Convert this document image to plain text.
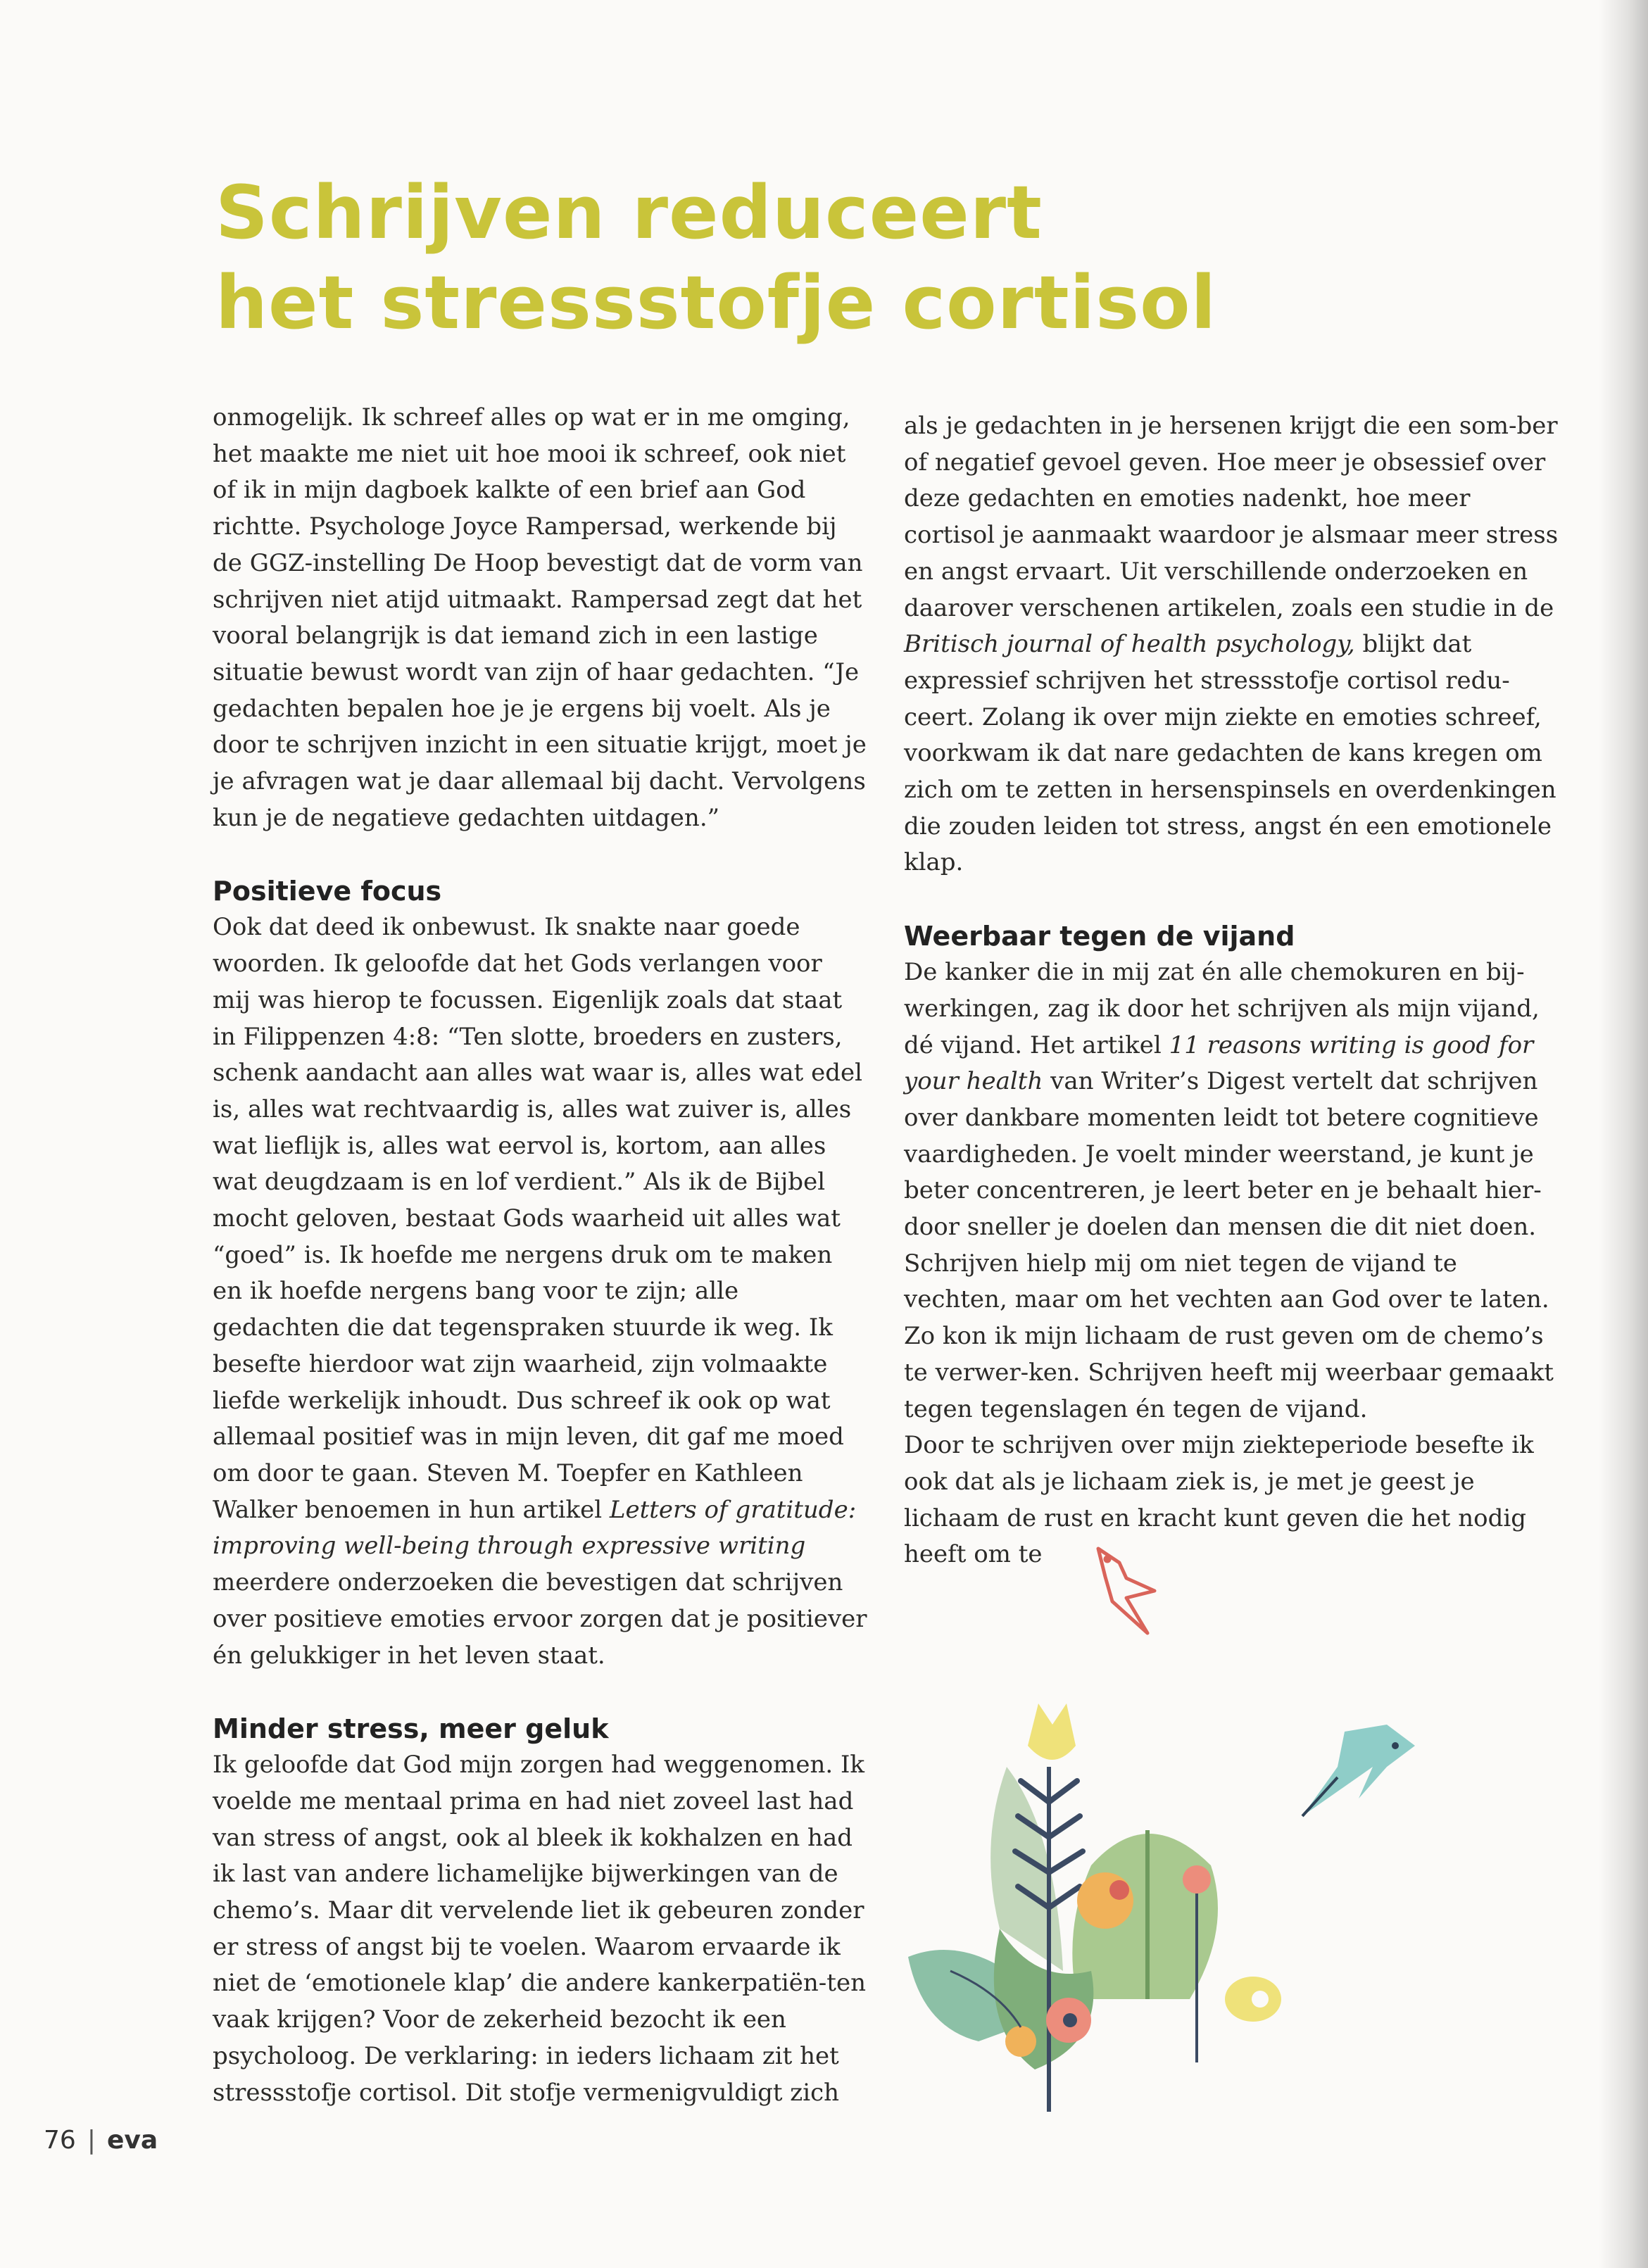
Schrijven reduceert
het stressstofje cortisol

onmogelijk. Ik schreef alles op wat er in me omging, het maakte me niet uit hoe mooi ik schreef, ook niet of ik in mijn dagboek kalkte of een brief aan God richtte. Psychologe Joyce Rampersad, werkende bij de GGZ-instelling De Hoop bevestigt dat de vorm van schrijven niet atijd uitmaakt. Rampersad zegt dat het vooral belangrijk is dat iemand zich in een lastige situatie bewust wordt van zijn of haar gedachten. “Je gedachten bepalen hoe je je ergens bij voelt. Als je door te schrijven inzicht in een situatie krijgt, moet je je afvragen wat je daar allemaal bij dacht. Vervolgens kun je de negatieve gedachten uitdagen.”

Positieve focus

Ook dat deed ik onbewust. Ik snakte naar goede woorden. Ik geloofde dat het Gods verlangen voor mij was hierop te focussen. Eigenlijk zoals dat staat in Filippenzen 4:8: “Ten slotte, broeders en zusters, schenk aandacht aan alles wat waar is, alles wat edel is, alles wat rechtvaardig is, alles wat zuiver is, alles wat lieflijk is, alles wat eervol is, kortom, aan alles wat deugdzaam is en lof verdient.” Als ik de Bijbel mocht geloven, bestaat Gods waarheid uit alles wat “goed” is. Ik hoefde me nergens druk om te maken en ik hoefde nergens bang voor te zijn; alle gedachten die dat tegenspraken stuurde ik weg. Ik besefte hierdoor wat zijn waarheid, zijn volmaakte liefde werkelijk inhoudt. Dus schreef ik ook op wat allemaal positief was in mijn leven, dit gaf me moed om door te gaan. Steven M. Toepfer en Kathleen Walker benoemen in hun artikel Letters of gratitude: improving well-being through expressive writing meerdere onderzoeken die bevestigen dat schrijven over positieve emoties ervoor zorgen dat je positiever én gelukkiger in het leven staat.

Minder stress, meer geluk

Ik geloofde dat God mijn zorgen had weggenomen. Ik voelde me mentaal prima en had niet zoveel last had van stress of angst, ook al bleek ik kokhalzen en had ik last van andere lichamelijke bijwerkingen van de chemo’s. Maar dit vervelende liet ik gebeuren zonder er stress of angst bij te voelen. Waarom ervaarde ik niet de ‘emotionele klap’ die andere kankerpatiën-ten vaak krijgen? Voor de zekerheid bezocht ik een psycholoog. De verklaring: in ieders lichaam zit het stressstofje cortisol. Dit stofje vermenigvuldigt zich

als je gedachten in je hersenen krijgt die een som-ber of negatief gevoel geven. Hoe meer je obsessief over deze gedachten en emoties nadenkt, hoe meer cortisol je aanmaakt waardoor je alsmaar meer stress en angst ervaart. Uit verschillende onderzoeken en daarover verschenen artikelen, zoals een studie in de Britisch journal of health psychology, blijkt dat expressief schrijven het stressstofje cortisol redu-ceert. Zolang ik over mijn ziekte en emoties schreef, voorkwam ik dat nare gedachten de kans kregen om zich om te zetten in hersenspinsels en overdenkingen die zouden leiden tot stress, angst én een emotionele klap.

Weerbaar tegen de vijand

De kanker die in mij zat én alle chemokuren en bij-werkingen, zag ik door het schrijven als mijn vijand, dé vijand. Het artikel 11 reasons writing is good for your health van Writer’s Digest vertelt dat schrijven over dankbare momenten leidt tot betere cognitieve vaardigheden. Je voelt minder weerstand, je kunt je beter concentreren, je leert beter en je behaalt hier-door sneller je doelen dan mensen die dit niet doen. Schrijven hielp mij om niet tegen de vijand te vechten, maar om het vechten aan God over te laten. Zo kon ik mijn lichaam de rust geven om de chemo’s te verwer-ken. Schrijven heeft mij weerbaar gemaakt tegen tegenslagen én tegen de vijand.

Door te schrijven over mijn ziekteperiode besefte ik ook dat als je lichaam ziek is, je met je geest je lichaam de rust en kracht kunt geven die het nodig heeft om te

76 | eva
